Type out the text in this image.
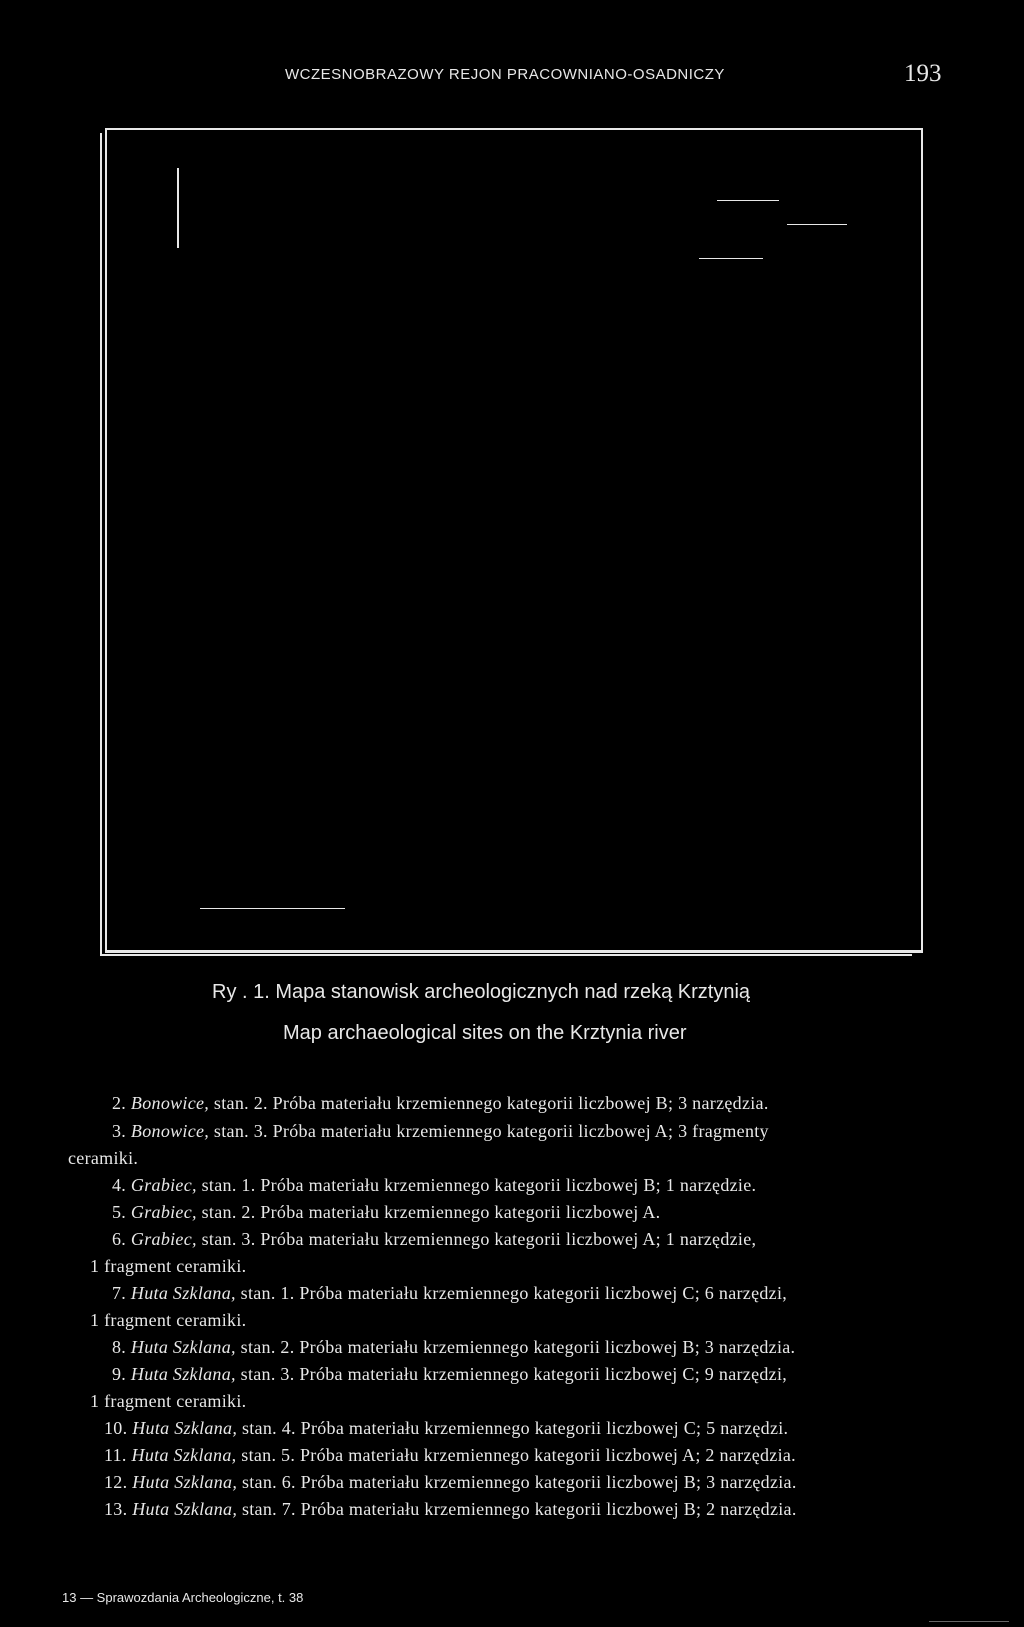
WCZESNOBRAZOWY REJON PRACOWNIANO-OSADNICZY	193
Ry . 1. Mapa stanowisk archeologicznych nad rzeką Krztynią
Map archaeological sites on the Krztynia river
2. Bonowice, stan. 2. Próba materiału krzemiennego kategorii liczbowej B; 3 narzędzia.
3. Bonowice, stan. 3. Próba materiału krzemiennego kategorii liczbowej A; 3 fragmenty
ceramiki.
4. Grabiec, stan. 1. Próba materiału krzemiennego kategorii liczbowej B; 1 narzędzie.
5. Grabiec, stan. 2. Próba materiału krzemiennego kategorii liczbowej A.
6. Grabiec, stan. 3. Próba materiału krzemiennego kategorii liczbowej A; 1 narzędzie,
1 fragment ceramiki.
7. Huta Szklana, stan. 1. Próba materiału krzemiennego kategorii liczbowej C; 6 narzędzi,
1 fragment ceramiki.
8. Huta Szklana, stan. 2. Próba materiału krzemiennego kategorii liczbowej B; 3 narzędzia.
9. Huta Szklana, stan. 3. Próba materiału krzemiennego kategorii liczbowej C; 9 narzędzi,
1 fragment ceramiki.
10. Huta Szklana, stan. 4. Próba materiału krzemiennego kategorii liczbowej C; 5 narzędzi.
11. Huta Szklana, stan. 5. Próba materiału krzemiennego kategorii liczbowej A; 2 narzędzia.
12. Huta Szklana, stan. 6. Próba materiału krzemiennego kategorii liczbowej B; 3 narzędzia.
13. Huta Szklana, stan. 7. Próba materiału krzemiennego kategorii liczbowej B; 2 narzędzia.
13 — Sprawozdania Archeologiczne, t. 38
